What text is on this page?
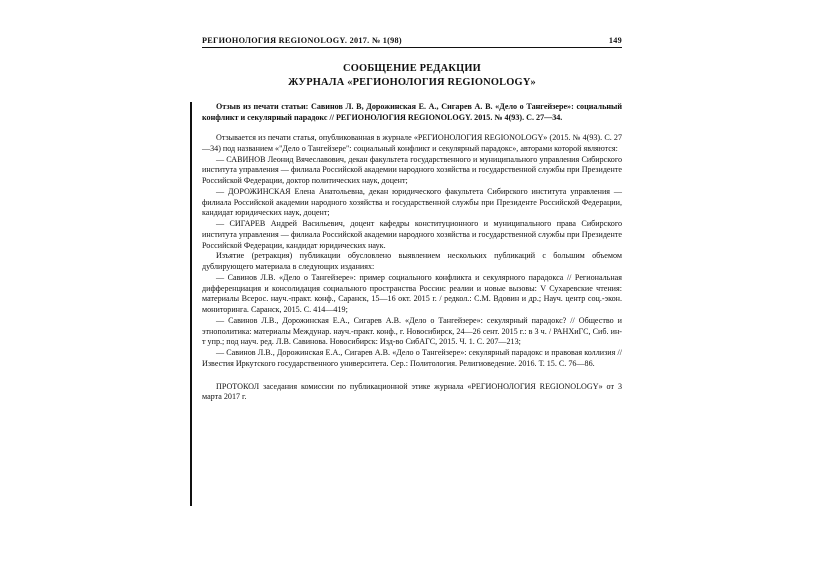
РЕГИОНОЛОГИЯ REGIONOLOGY. 2017. № 1(98)	149
СООБЩЕНИЕ РЕДАКЦИИ
ЖУРНАЛА «РЕГИОНОЛОГИЯ REGIONOLOGY»

Отзыв из печати статьи: Савинов Л. В, Дорожинская Е. А., Сигарев А. В. «Дело о Тангейзере»: социальный конфликт и секулярный парадокс // РЕГИОНОЛОГИЯ REGIONOLOGY. 2015. № 4(93). С. 27—34.

Отзывается из печати статья, опубликованная в журнале «РЕГИОНОЛОГИЯ REGIONOLOGY» (2015. № 4(93). С. 27—34) под названием «"Дело о Тангейзере": социальный конфликт и секулярный парадокс», авторами которой являются:

— САВИНОВ Леонид Вячеславович, декан факультета государственного и муниципального управления Сибирского института управления — филиала Российской академии народного хозяйства и государственной службы при Президенте Российской Федерации, доктор политических наук, доцент;

— ДОРОЖИНСКАЯ Елена Анатольевна, декан юридического факультета Сибирского института управления — филиала Российской академии народного хозяйства и государственной службы при Президенте Российской Федерации, кандидат юридических наук, доцент;

— СИГАРЕВ Андрей Васильевич, доцент кафедры конституционного и муниципального права Сибирского института управления — филиала Российской академии народного хозяйства и государственной службы при Президенте Российской Федерации, кандидат юридических наук.

Изъятие (ретракция) публикации обусловлено выявлением нескольких публикаций с большим объемом дублирующего материала в следующих изданиях:

— Савинов Л.В. «Дело о Тангейзере»: пример социального конфликта и секулярного парадокса // Региональная дифференциация и консолидация социального пространства России: реалии и новые вызовы: V Сухаревские чтения: материалы Всерос. науч.-практ. конф., Саранск, 15—16 окт. 2015 г. / редкол.: С.М. Вдовин и др.; Науч. центр соц.-экон. мониторинга. Саранск, 2015. С. 414—419;

— Савинов Л.В., Дорожинская Е.А., Сигарев А.В. «Дело о Тангейзере»: секулярный парадокс? // Общество и этнополитика: материалы Междунар. науч.-практ. конф., г. Новосибирск, 24—26 сент. 2015 г.: в 3 ч. / РАНХиГС, Сиб. ин-т упр.; под науч. ред. Л.В. Савинова. Новосибирск: Изд-во СибАГС, 2015. Ч. 1. С. 207—213;

— Савинов Л.В., Дорожинская Е.А., Сигарев А.В. «Дело о Тангейзере»: секулярный парадокс и правовая коллизия // Известия Иркутского государственного университета. Сер.: Политология. Религиоведение. 2016. Т. 15. С. 76—86.

ПРОТОКОЛ заседания комиссии по публикационной этике журнала «РЕГИОНОЛОГИЯ REGIONOLOGY» от 3 марта 2017 г.
